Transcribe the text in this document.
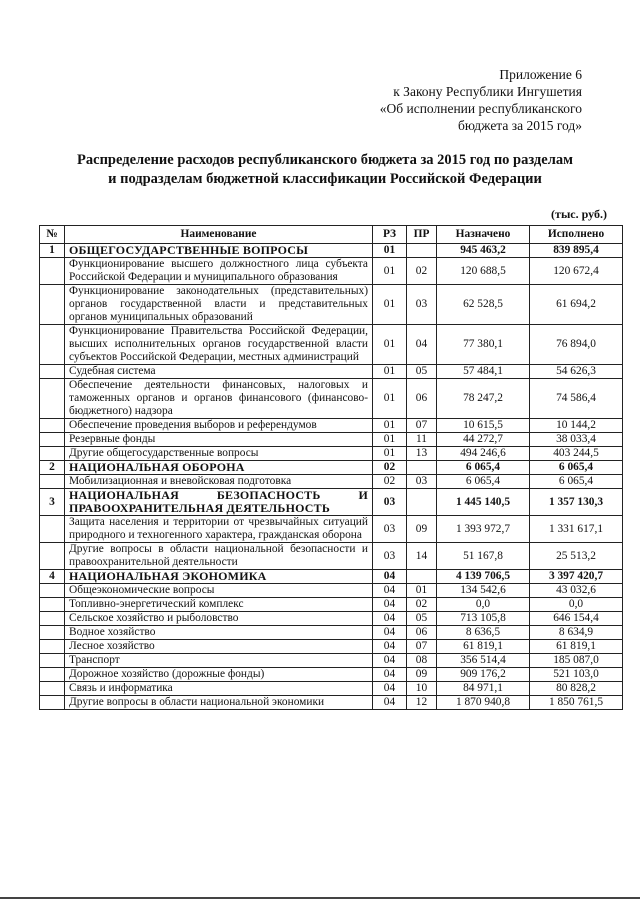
Приложение 6
к Закону Республики Ингушетия
«Об исполнении республиканского
бюджета за 2015 год»
Распределение расходов республиканского бюджета за 2015 год по разделам
и подразделам бюджетной классификации Российской Федерации
(тыс. руб.)
№	Наименование	РЗ	ПР	Назначено	Исполнено
1	ОБЩЕГОСУДАРСТВЕННЫЕ ВОПРОСЫ	01		945 463,2	839 895,4
	Функционирование высшего должностного лица субъекта Российской Федерации и муниципального образования	01	02	120 688,5	120 672,4
	Функционирование законодательных (представительных) органов государственной власти и представительных органов муниципальных образований	01	03	62 528,5	61 694,2
	Функционирование Правительства Российской Федерации, высших исполнительных органов государственной власти субъектов Российской Федерации, местных администраций	01	04	77 380,1	76 894,0
	Судебная система	01	05	57 484,1	54 626,3
	Обеспечение деятельности финансовых, налоговых и таможенных органов и органов финансового (финансово-бюджетного) надзора	01	06	78 247,2	74 586,4
	Обеспечение проведения выборов и референдумов	01	07	10 615,5	10 144,2
	Резервные фонды	01	11	44 272,7	38 033,4
	Другие общегосударственные вопросы	01	13	494 246,6	403 244,5
2	НАЦИОНАЛЬНАЯ ОБОРОНА	02		6 065,4	6 065,4
	Мобилизационная и вневойсковая подготовка	02	03	6 065,4	6 065,4
3	НАЦИОНАЛЬНАЯ БЕЗОПАСНОСТЬ И ПРАВООХРАНИТЕЛЬНАЯ ДЕЯТЕЛЬНОСТЬ	03		1 445 140,5	1 357 130,3
	Защита населения и территории от чрезвычайных ситуаций природного и техногенного характера, гражданская оборона	03	09	1 393 972,7	1 331 617,1
	Другие вопросы в области национальной безопасности и правоохранительной деятельности	03	14	51 167,8	25 513,2
4	НАЦИОНАЛЬНАЯ ЭКОНОМИКА	04		4 139 706,5	3 397 420,7
	Общеэкономические вопросы	04	01	134 542,6	43 032,6
	Топливно-энергетический комплекс	04	02	0,0	0,0
	Сельское хозяйство и рыболовство	04	05	713 105,8	646 154,4
	Водное хозяйство	04	06	8 636,5	8 634,9
	Лесное хозяйство	04	07	61 819,1	61 819,1
	Транспорт	04	08	356 514,4	185 087,0
	Дорожное хозяйство (дорожные фонды)	04	09	909 176,2	521 103,0
	Связь и информатика	04	10	84 971,1	80 828,2
	Другие вопросы в области национальной экономики	04	12	1 870 940,8	1 850 761,5
